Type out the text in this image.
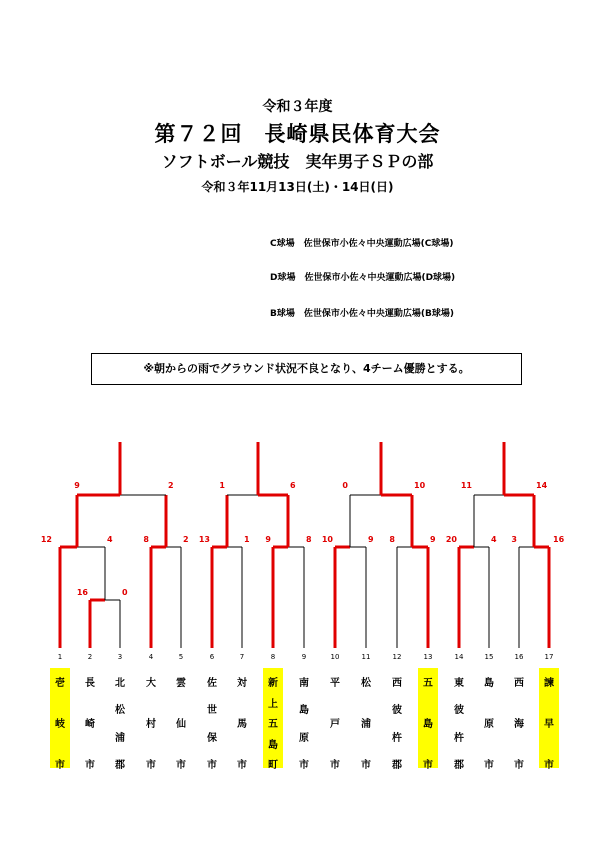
令和３年度
第７２回　長崎県民体育大会
ソフトボール競技　実年男子ＳＰの部
令和３年11月13日(土)・14日(日)
C球場　佐世保市小佐々中央運動広場(C球場)
D球場　佐世保市小佐々中央運動広場(D球場)
B球場　佐世保市小佐々中央運動広場(B球場)
※朝からの雨でグラウンド状況不良となり、4チーム優勝とする。
12	4
16	0
8	2
9	2
13	1 9	8
1	6
10	9 8	9
0	10
20	4 3	16
11	14
1
壱
岐
市
2
長
崎
市
3
北
松
浦
郡
4
大
村
市
5
雲
仙
市
6
佐
世
保
市
7
対
馬
市
8
新
上
五
島
町
9
南
島
原
市
10
平
戸
市
11
松
浦
市
12
西
彼
杵
郡
13
五
島
市
14
東
彼
杵
郡
15
島
原
市
16
西
海
市
17
諫
早
市
